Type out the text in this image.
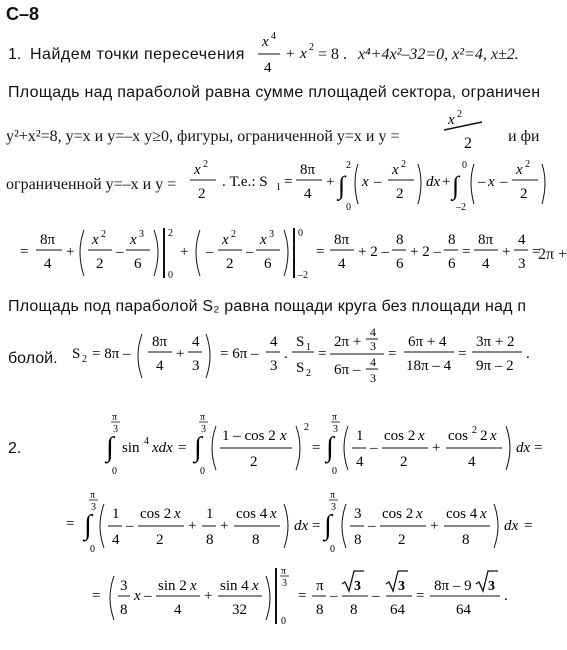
С–8
1. Найдем точки пересечения
x 4
4
+ x 2 = 8 . x⁴+4x²–32=0, x²=4, x±2.
Площадь над параболой равна сумме площадей сектора, ограничен
y²+x²=8, y=x и y=–x y≥0, фигуры, ограниченной y=x и y =
x 2
2 и фи
ограниченной y=–x и y =
x 2
2
. Т.е.: S 1 =
8π
4
+
2
∫
0
x –
x 2
2
dx +
0
∫
–2
– x –
x 2
2
=
8π
4
+
x 2
2
–
x 3
6
2
0
+ –
x 2
2
–
x 3
6
0
–2
=
8π
4
+ 2 –
8
6
+ 2 –
8
6
=
8π
4
+
4
3
=
2π +
Площадь под параболой S₂ равна пощади круга без площади над п
болой. S 2 = 8π –
8π
4
+
4
3
= 6π –
4
3
.
S 1
S 2
=
2π +
4
3
6π – 4
3
=
6π + 4
18π – 4
=
3π + 2
9π – 2
.
2.
π
3
∫
0
sin 4 xdx =
π
3
∫
0
1 – cos 2 x
2
2
=
π
3
∫
0
1
4
–
cos 2 x
2
+
cos 2 2 x
4
dx =
=
π
3
∫
0
1
4
–
cos 2 x
2
+
1
8
+
cos 4 x
8
dx =
π
3
∫
0
3
8
–
cos 2 x
2
+
cos 4 x
8
dx =
=
3
8
x –
sin 2 x
4
+
sin 4 x
32
π
3
0
=
π
8
–
3
8
–
3
64
=
8π – 9 3
64
.
